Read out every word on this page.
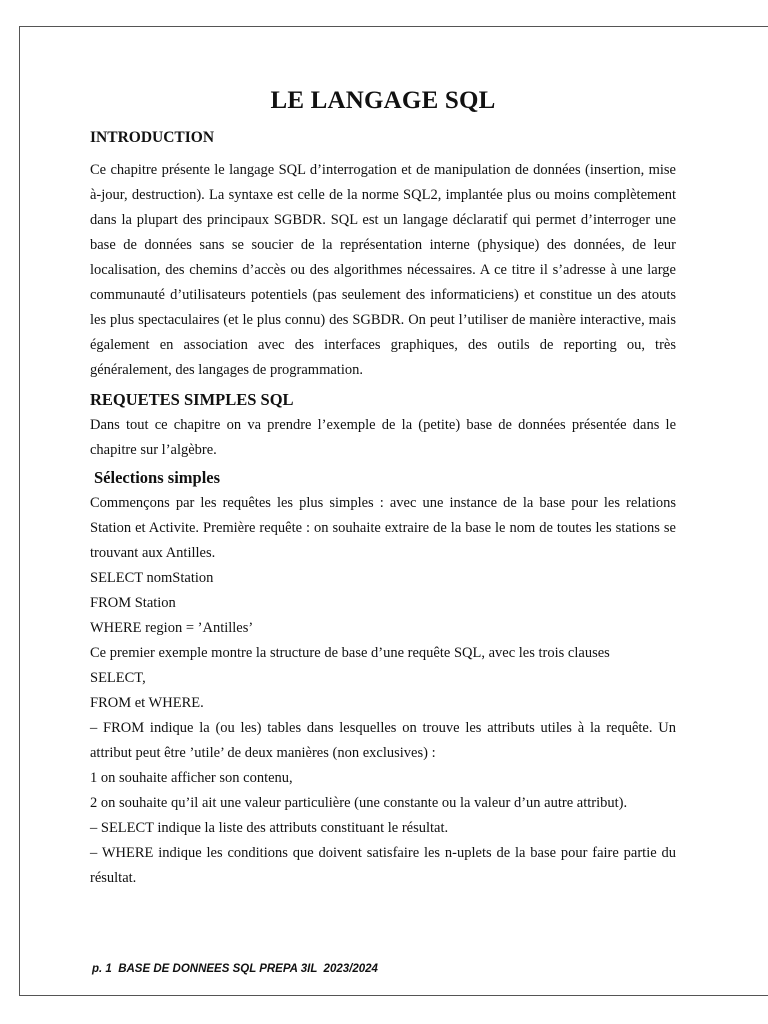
LE LANGAGE SQL
INTRODUCTION

Ce chapitre présente le langage SQL d’interrogation et de manipulation de données (insertion, mise à-jour, destruction). La syntaxe est celle de la norme SQL2, implantée plus ou moins complètement dans la plupart des principaux SGBDR. SQL est un langage déclaratif qui permet d’interroger une base de données sans se soucier de la représentation interne (physique) des données, de leur localisation, des chemins d’accès ou des algorithmes nécessaires. A ce titre il s’adresse à une large communauté d’utilisateurs potentiels (pas seulement des informaticiens) et constitue un des atouts les plus spectaculaires (et le plus connu) des SGBDR. On peut l’utiliser de manière interactive, mais également en association avec des interfaces graphiques, des outils de reporting ou, très généralement, des langages de programmation.

REQUETES SIMPLES SQL

Dans tout ce chapitre on va prendre l’exemple de la (petite) base de données présentée dans le chapitre sur l’algèbre.

Sélections simples

Commençons par les requêtes les plus simples : avec une instance de la base pour les relations Station et Activite. Première requête : on souhaite extraire de la base le nom de toutes les stations se trouvant aux Antilles.

SELECT nomStation

FROM Station

WHERE region = ’Antilles’

Ce premier exemple montre la structure de base d’une requête SQL, avec les trois clauses

SELECT,

FROM et WHERE.

– FROM indique la (ou les) tables dans lesquelles on trouve les attributs utiles à la requête. Un attribut peut être ’utile’ de deux manières (non exclusives) :

1 on souhaite afficher son contenu,

2 on souhaite qu’il ait une valeur particulière (une constante ou la valeur d’un autre attribut).

– SELECT indique la liste des attributs constituant le résultat.

– WHERE indique les conditions que doivent satisfaire les n-uplets de la base pour faire partie du résultat.

p. 1  BASE DE DONNEES SQL PREPA 3IL  2023/2024
